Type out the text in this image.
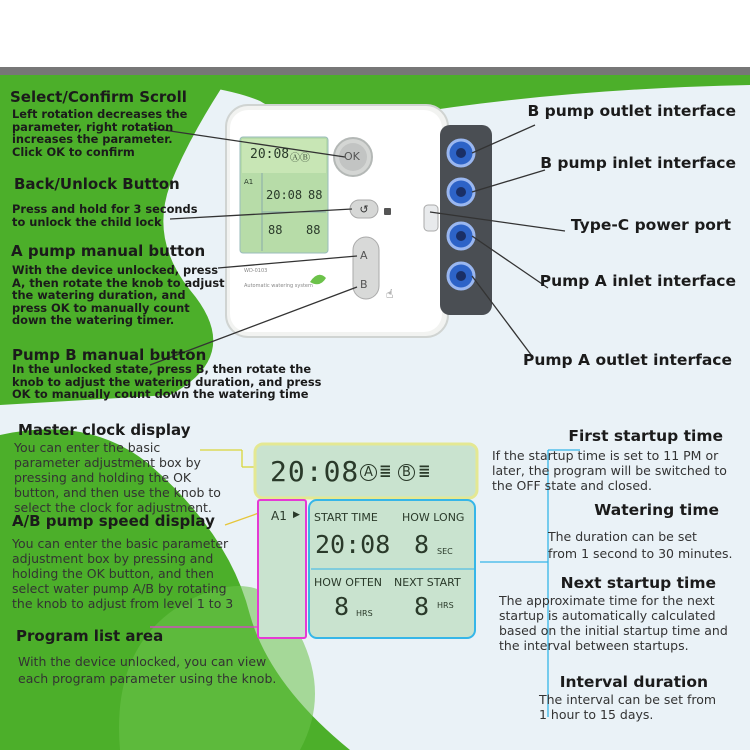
↺
☝
20:08 ⒶⒷ
A1
20:08 88
88 88
OK
A
B
WD-0103
Automatic watering system
20:08 A ≣ B ≣
A1 ▶ START TIME HOW LONG
20:08 8 SEC
HOW OFTEN NEXT START
8 HRS 8 HRS
Select/Confirm Scroll
Left rotation decreases the
parameter, right rotation
increases the parameter.
Click OK to confirm
Back/Unlock Button
Press and hold for 3 seconds
to unlock the child lock
A pump manual button
With the device unlocked, press
A, then rotate the knob to adjust
the watering duration, and
press OK to manually count
down the watering timer.
Pump B manual button
In the unlocked state, press B, then rotate the
knob to adjust the watering duration, and press
OK to manually count down the watering time
Master clock display
You can enter the basic
parameter adjustment box by
pressing and holding the OK
button, and then use the knob to
select the clock for adjustment.
A/B pump speed display
You can enter the basic parameter
adjustment box by pressing and
holding the OK button, and then
select water pump A/B by rotating
the knob to adjust from level 1 to 3
Program list area
With the device unlocked, you can view
each program parameter using the knob.
B pump outlet interface
B pump inlet interface
Type-C power port
Pump A inlet interface
Pump A outlet interface
First startup time
If the startup time is set to 11 PM or
later, the program will be switched to
the OFF state and closed.
Watering time
The duration can be set
from 1 second to 30 minutes.
Next startup time
The approximate time for the next
startup is automatically calculated
based on the initial startup time and
the interval between startups.
Interval duration
The interval can be set from
1 hour to 15 days.
